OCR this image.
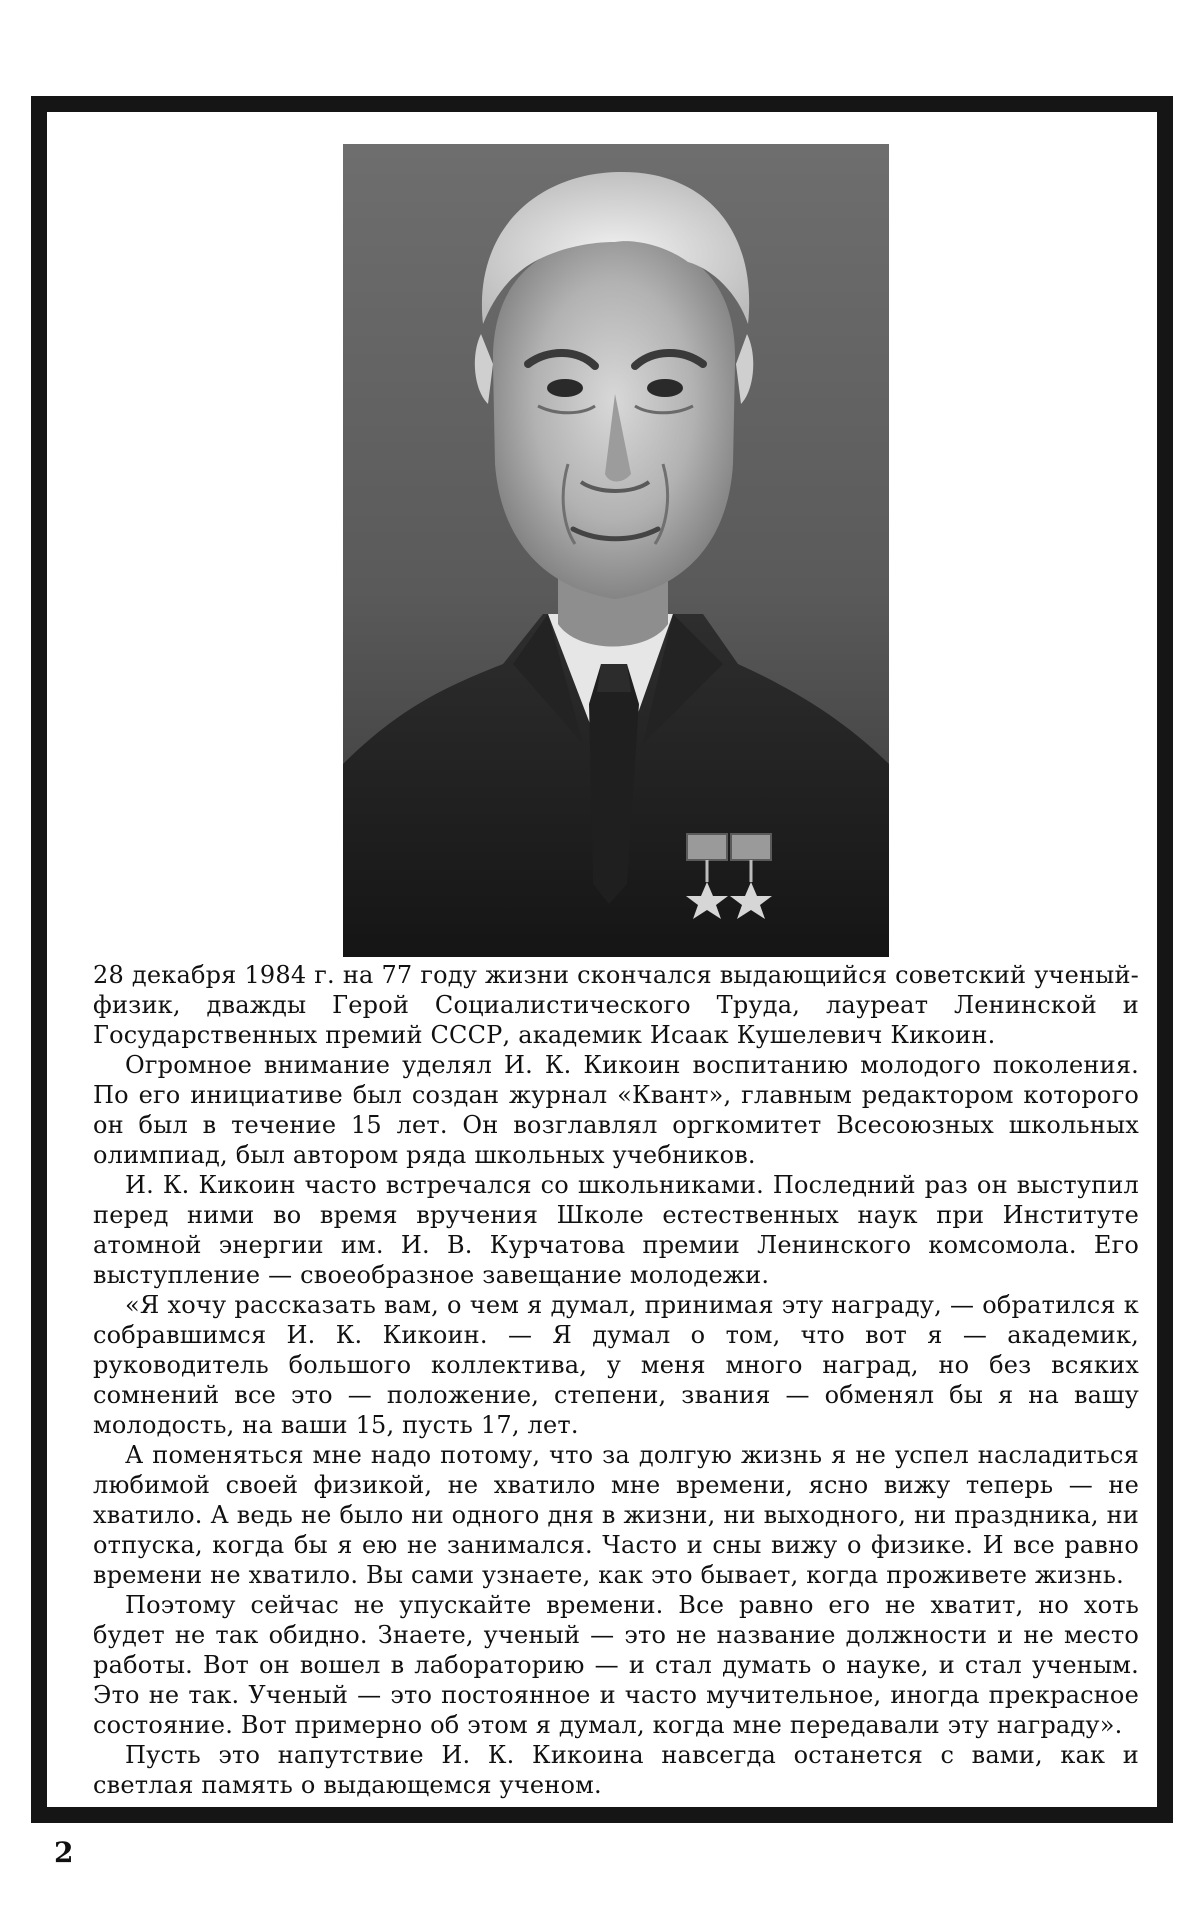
28 декабря 1984 г. на 77 году жизни скончался выдающийся советский ученый-физик, дважды Герой Социалистического Труда, лауреат Ленинской и Государственных премий СССР, академик Исаак Кушелевич Кикоин.

Огромное внимание уделял И. К. Кикоин воспитанию молодого поколения. По его инициативе был создан журнал «Квант», главным редактором которого он был в течение 15 лет. Он возглавлял оргкомитет Всесоюзных школьных олимпиад, был автором ряда школьных учебников.

И. К. Кикоин часто встречался со школьниками. Последний раз он выступил перед ними во время вручения Школе естественных наук при Институте атомной энергии им. И. В. Курчатова премии Ленинского комсомола. Его выступление — своеобразное завещание молодежи.

«Я хочу рассказать вам, о чем я думал, принимая эту награду, — обратился к собравшимся И. К. Кикоин. — Я думал о том, что вот я — академик, руководитель большого коллектива, у меня много наград, но без всяких сомнений все это — положение, степени, звания — обменял бы я на вашу молодость, на ваши 15, пусть 17, лет.

А поменяться мне надо потому, что за долгую жизнь я не успел насладиться любимой своей физикой, не хватило мне времени, ясно вижу теперь — не хватило. А ведь не было ни одного дня в жизни, ни выходного, ни праздника, ни отпуска, когда бы я ею не занимался. Часто и сны вижу о физике. И все равно времени не хватило. Вы сами узнаете, как это бывает, когда проживете жизнь.

Поэтому сейчас не упускайте времени. Все равно его не хватит, но хоть будет не так обидно. Знаете, ученый — это не название должности и не место работы. Вот он вошел в лабораторию — и стал думать о науке, и стал ученым. Это не так. Ученый — это постоянное и часто мучительное, иногда прекрасное состояние. Вот примерно об этом я думал, когда мне передавали эту награду».

Пусть это напутствие И. К. Кикоина навсегда останется с вами, как и светлая память о выдающемся ученом.

2
